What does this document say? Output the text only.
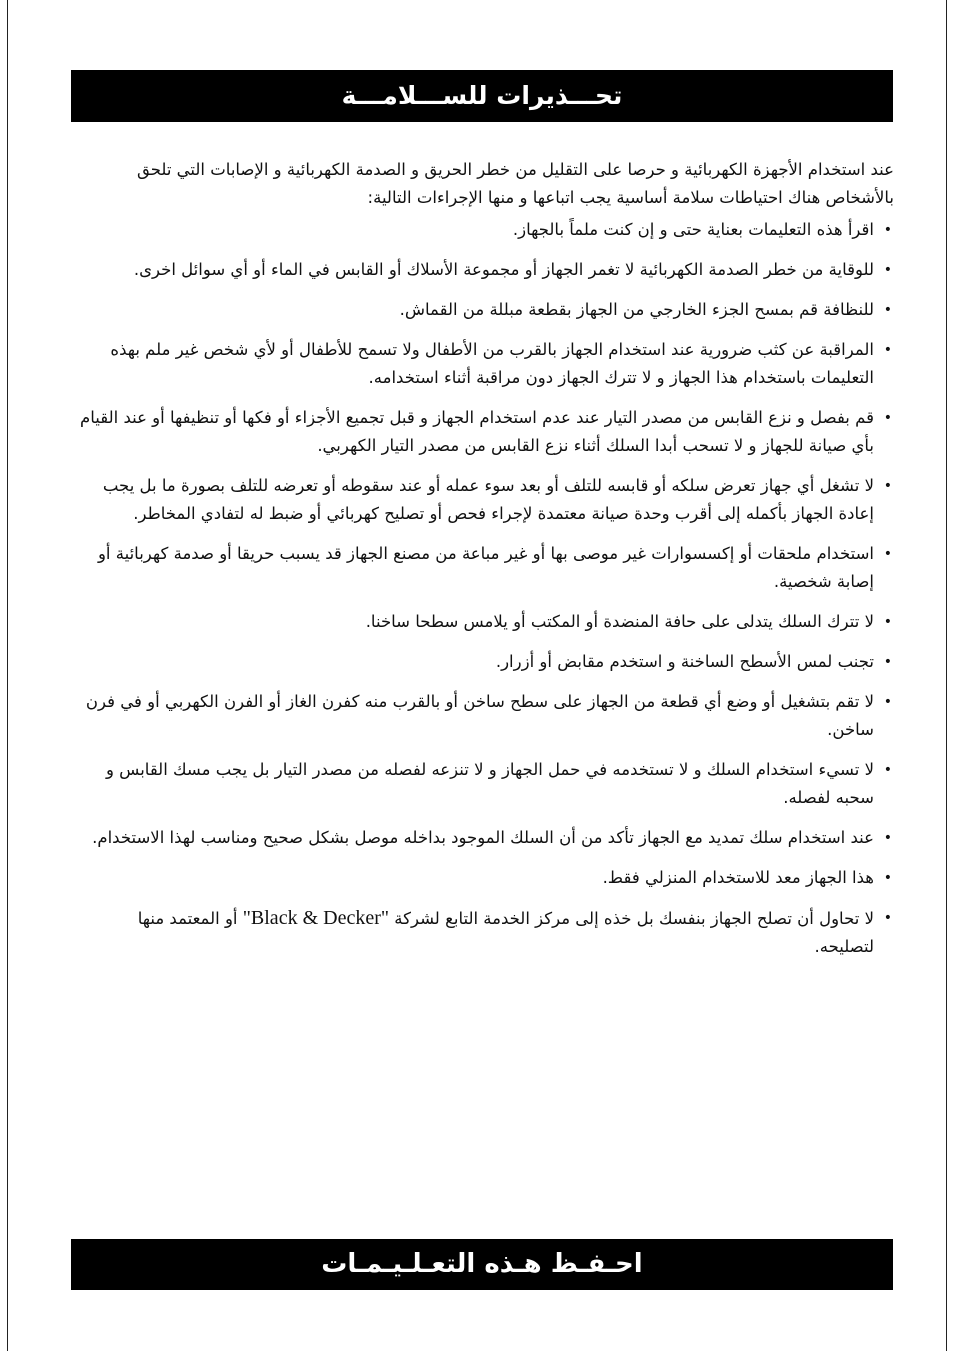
تحـــذيرات للســـلامـــة

عند استخدام الأجهزة الكهربائية و حرصا على التقليل من خطر الحريق و الصدمة الكهربائية و الإصابات التي تلحق بالأشخاص هناك احتياطات سلامة أساسية يجب اتباعها و منها الإجراءات التالية:

•
اقرأ هذه التعليمات بعناية حتى و إن كنت ملماً بالجهاز.
•
للوقاية من خطر الصدمة الكهربائية لا تغمر الجهاز أو مجموعة الأسلاك أو القابس في الماء أو أي سوائل اخرى.
•
للنظافة قم بمسح الجزء الخارجي من الجهاز بقطعة مبللة من القماش.
•
المراقبة عن كثب ضرورية عند استخدام الجهاز بالقرب من الأطفال ولا تسمح للأطفال أو لأي شخص غير ملم بهذه التعليمات باستخدام هذا الجهاز و لا تترك الجهاز دون مراقبة أثناء استخدامه.
•
قم بفصل و نزع القابس من مصدر التيار عند عدم استخدام الجهاز و قبل تجميع الأجزاء أو فكها أو تنظيفها أو عند القيام بأي صيانة للجهاز و لا تسحب أبدا السلك أثناء نزع القابس من مصدر التيار الكهربي.
•
لا تشغل أي جهاز تعرض سلكه أو قابسه للتلف أو بعد سوء عمله أو عند سقوطه أو تعرضه للتلف بصورة ما بل يجب إعادة الجهاز بأكمله إلى أقرب وحدة صيانة معتمدة لإجراء فحص أو تصليح كهربائي أو ضبط له لتفادي المخاطر.
•
استخدام ملحقات أو إكسسوارات غير موصى بها أو غير مباعة من مصنع الجهاز قد يسبب حريقا أو صدمة كهربائية أو إصابة شخصية.
•
لا تترك السلك يتدلى على حافة المنضدة أو المكتب أو يلامس سطحا ساخنا.
•
تجنب لمس الأسطح الساخنة و استخدم مقابض أو أزرار.
•
لا تقم بتشغيل أو وضع أي قطعة من الجهاز على سطح ساخن أو بالقرب منه كفرن الغاز أو الفرن الكهربي أو في فرن ساخن.
•
لا تسيء استخدام السلك و لا تستخدمه في حمل الجهاز و لا تنزعه لفصله من مصدر التيار بل يجب مسك القابس و سحبه لفصله.
•
عند استخدام سلك تمديد مع الجهاز تأكد من أن السلك الموجود بداخله موصل بشكل صحيح ومناسب لهذا الاستخدام.
•
هذا الجهاز معد للاستخدام المنزلي فقط.
•
لا تحاول أن تصلح الجهاز بنفسك بل خذه إلى مركز الخدمة التابع لشركة "Black & Decker" أو المعتمد منها لتصليحه.
احـفـظ هـذه التعـلـيـمـات
